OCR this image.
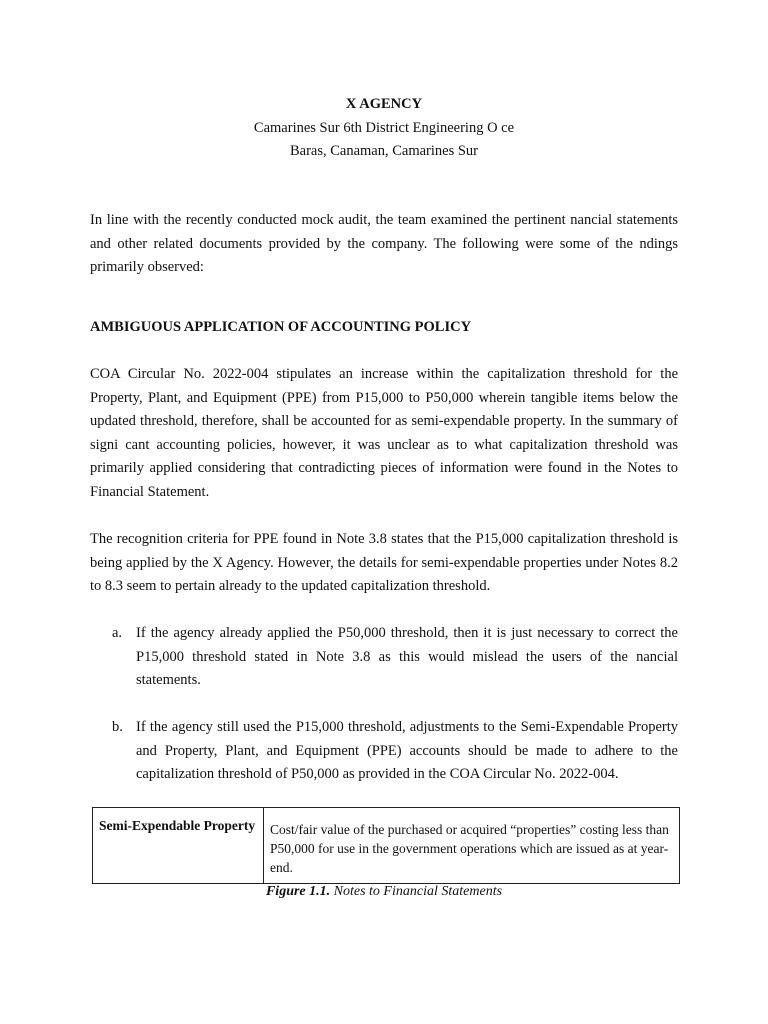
X AGENCY
Camarines Sur 6th District Engineering O ce
Baras, Canaman, Camarines Sur

In line with the recently conducted mock audit, the team examined the pertinent nancial statements and other related documents provided by the company. The following were some of the ndings primarily observed:

AMBIGUOUS APPLICATION OF ACCOUNTING POLICY

COA Circular No. 2022-004 stipulates an increase within the capitalization threshold for the Property, Plant, and Equipment (PPE) from P15,000 to P50,000 wherein tangible items below the updated threshold, therefore, shall be accounted for as semi-expendable property. In the summary of signi cant accounting policies, however, it was unclear as to what capitalization threshold was primarily applied considering that contradicting pieces of information were found in the Notes to Financial Statement.

The recognition criteria for PPE found in Note 3.8 states that the P15,000 capitalization threshold is being applied by the X Agency. However, the details for semi-expendable properties under Notes 8.2 to 8.3 seem to pertain already to the updated capitalization threshold.

a. If the agency already applied the P50,000 threshold, then it is just necessary to correct the P15,000 threshold stated in Note 3.8 as this would mislead the users of the nancial statements.
b. If the agency still used the P15,000 threshold, adjustments to the Semi-Expendable Property and Property, Plant, and Equipment (PPE) accounts should be made to adhere to the capitalization threshold of P50,000 as provided in the COA Circular No. 2022-004.
Semi-Expendable Property	Cost/fair value of the purchased or acquired “properties” costing less than P50,000 for use in the government operations which are issued as at year-end.
Figure 1.1. Notes to Financial Statements
